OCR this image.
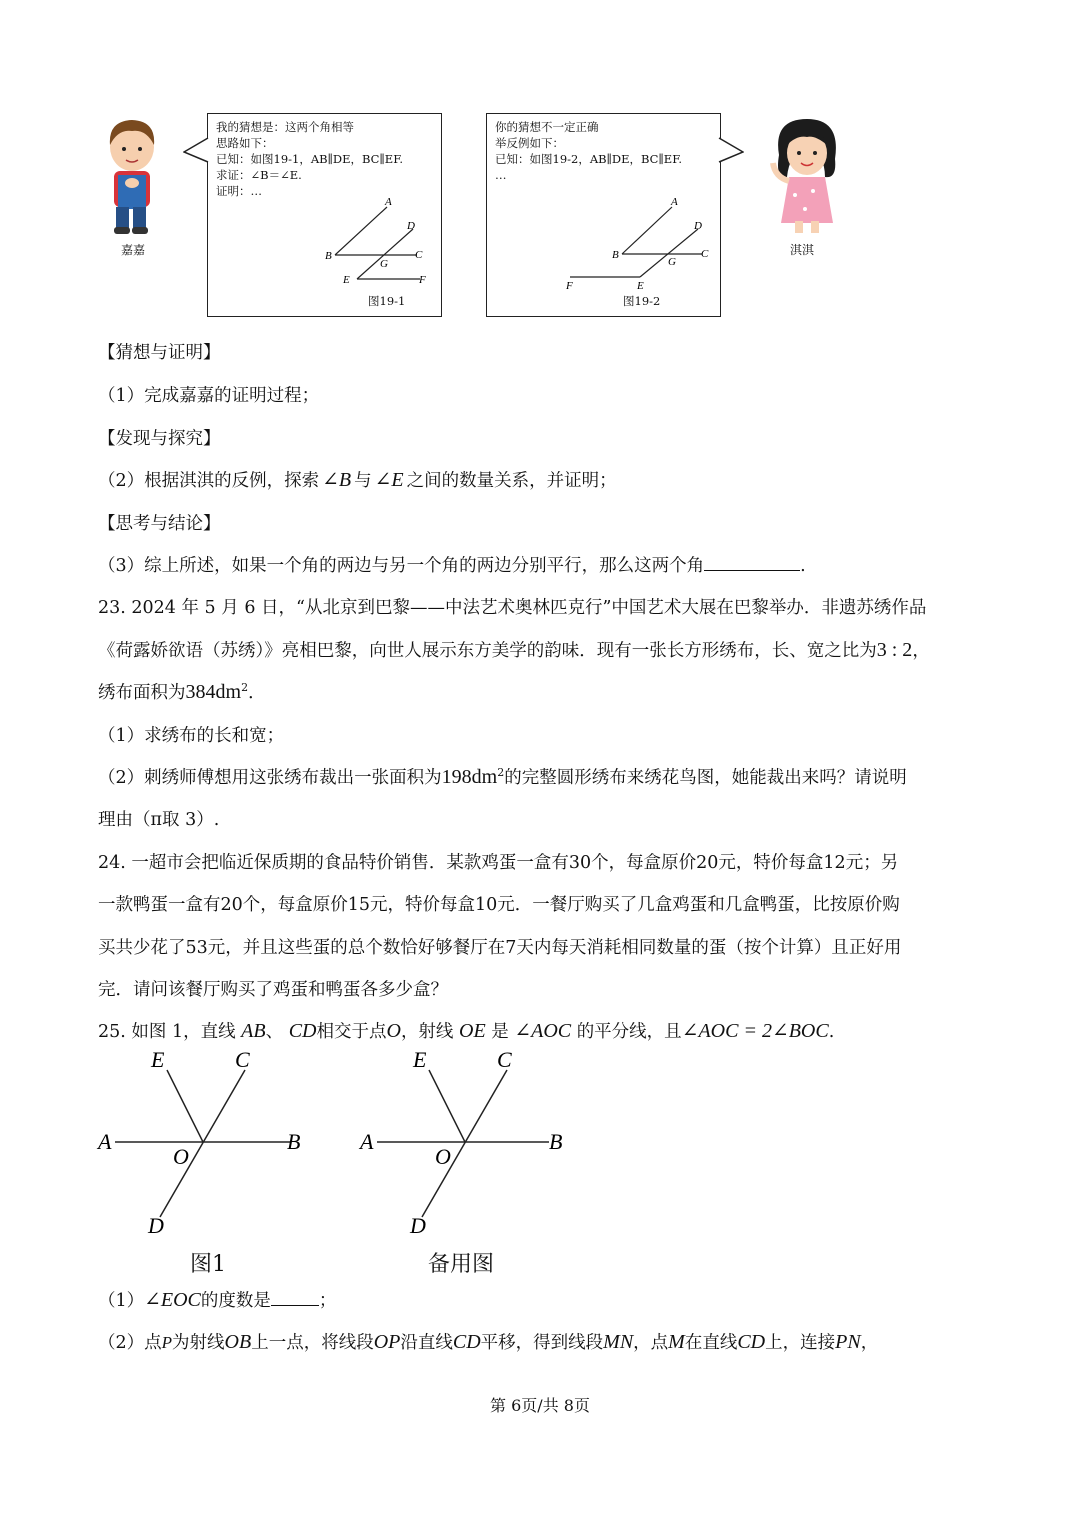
嘉嘉
我的猜想是：这两个角相等
思路如下：
已知：如图19-1，AB∥DE，BC∥EF.
求证：∠B＝∠E.
证明：…
A
D
B	C
G
E	F
图19-1
你的猜想不一定正确
举反例如下：
已知：如图19-2，AB∥DE，BC∥EF.
…
A
D
B	C
G
F	E
图19-2
淇淇
【猜想与证明】
（1）完成嘉嘉的证明过程；
【发现与探究】
（2）根据淇淇的反例，探索 ∠B 与 ∠E 之间的数量关系，并证明；
【思考与结论】
（3）综上所述，如果一个角的两边与另一个角的两边分别平行，那么这两个角	.
23. 2024 年 5 月 6 日，“从北京到巴黎——中法艺术奥林匹克行”中国艺术大展在巴黎举办．非遗苏绣作品
《荷露娇欲语（苏绣）》亮相巴黎，向世人展示东方美学的韵味．现有一张长方形绣布，长、宽之比为3 : 2，
绣布面积为$384dm^2$．
（1）求绣布的长和宽；
（2）刺绣师傅想用这张绣布裁出一张面积为$198dm^2$的完整圆形绣布来绣花鸟图，她能裁出来吗？请说明
理由（π取 3）.
24. 一超市会把临近保质期的食品特价销售．某款鸡蛋一盒有30个，每盒原价20元，特价每盒12元；另
一款鸭蛋一盒有20个，每盒原价15元，特价每盒10元．一餐厅购买了几盒鸡蛋和几盒鸭蛋，比按原价购
买共少花了53元，并且这些蛋的总个数恰好够餐厅在7天内每天消耗相同数量的蛋（按个计算）且正好用
完．请问该餐厅购买了鸡蛋和鸭蛋各多少盒？
25. 如图 1，直线 AB、 CD相交于点O，射线 OE 是 ∠AOC 的平分线，且∠AOC = 2∠BOC.
E	C
A	B
O
D
图1
E	C
A	B
O
D
备用图
（1）∠EOC的度数是	；
（2）点P为射线OB上一点，将线段OP沿直线CD平移，得到线段MN，点M在直线CD上，连接PN，
第 6页/共 8页
